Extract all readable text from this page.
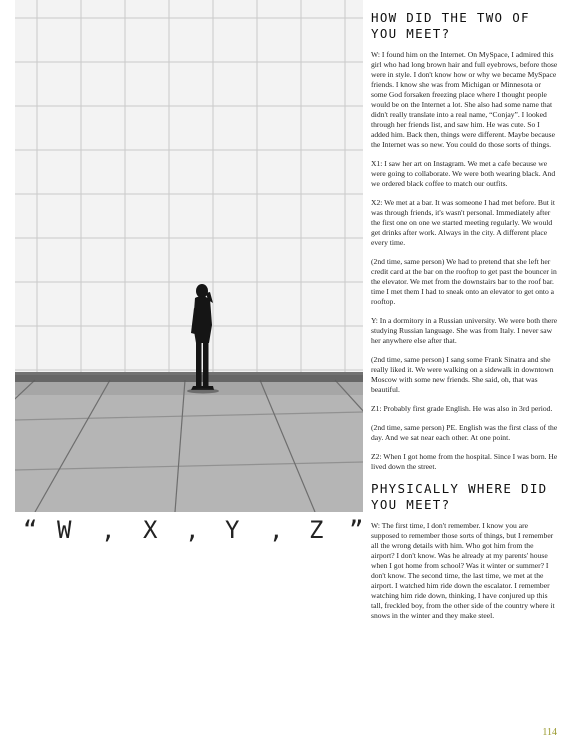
“ W , X , Y , Z ”
HOW DID THE TWO OF YOU MEET?

W: I found him on the Internet. On MySpace, I admired this girl who had long brown hair and full eyebrows, before those were in style. I don't know how or why we became MySpace friends. I know she was from Michigan or Minnesota or some God forsaken freezing place where I thought people would be on the Internet a lot. She also had some name that didn't really translate into a real name, “Conjay”. I looked through her friends list, and saw him. He was cute. So I added him. Back then, things were different. Maybe because the Internet was so new. You could do those sorts of things.

X1: I saw her art on Instagram. We met a cafe because we were going to collaborate. We were both wearing black. And we ordered black coffee to match our outfits.

X2: We met at a bar. It was someone I had met before. But it was through friends, it's wasn't personal. Immediately after the first one on one we started meeting regularly. We would get drinks after work. Always in the city. A different place every time.

(2nd time, same person) We had to pretend that she left her credit card at the bar on the rooftop to get past the bouncer in the elevator. We met from the downstairs bar to the roof bar. time I met them I had to sneak onto an elevator to get onto a rooftop.

Y: In a dormitory in a Russian university. We were both there studying Russian language. She was from Italy. I never saw her anywhere else after that.

(2nd time, same person) I sang some Frank Sinatra and she really liked it. We were walking on a sidewalk in downtown Moscow with some new friends. She said, oh, that was beautiful.

Z1: Probably first grade English. He was also in 3rd period.

(2nd time, same person) PE. English was the first class of the day. And we sat near each other. At one point.

Z2: When I got home from the hospital. Since I was born. He lived down the street.

PHYSICALLY WHERE DID YOU MEET?

W: The first time, I don't remember. I know you are supposed to remember those sorts of things, but I remember all the wrong details with him. Who got him from the airport? I don't know. Was he already at my parents' house when I got home from school? Was it winter or summer? I don't know. The second time, the last time, we met at the airport. I watched him ride down the escalator. I remember watching him ride down, thinking, I have conjured up this tall, freckled boy, from the other side of the country where it snows in the winter and they make steel.

114
